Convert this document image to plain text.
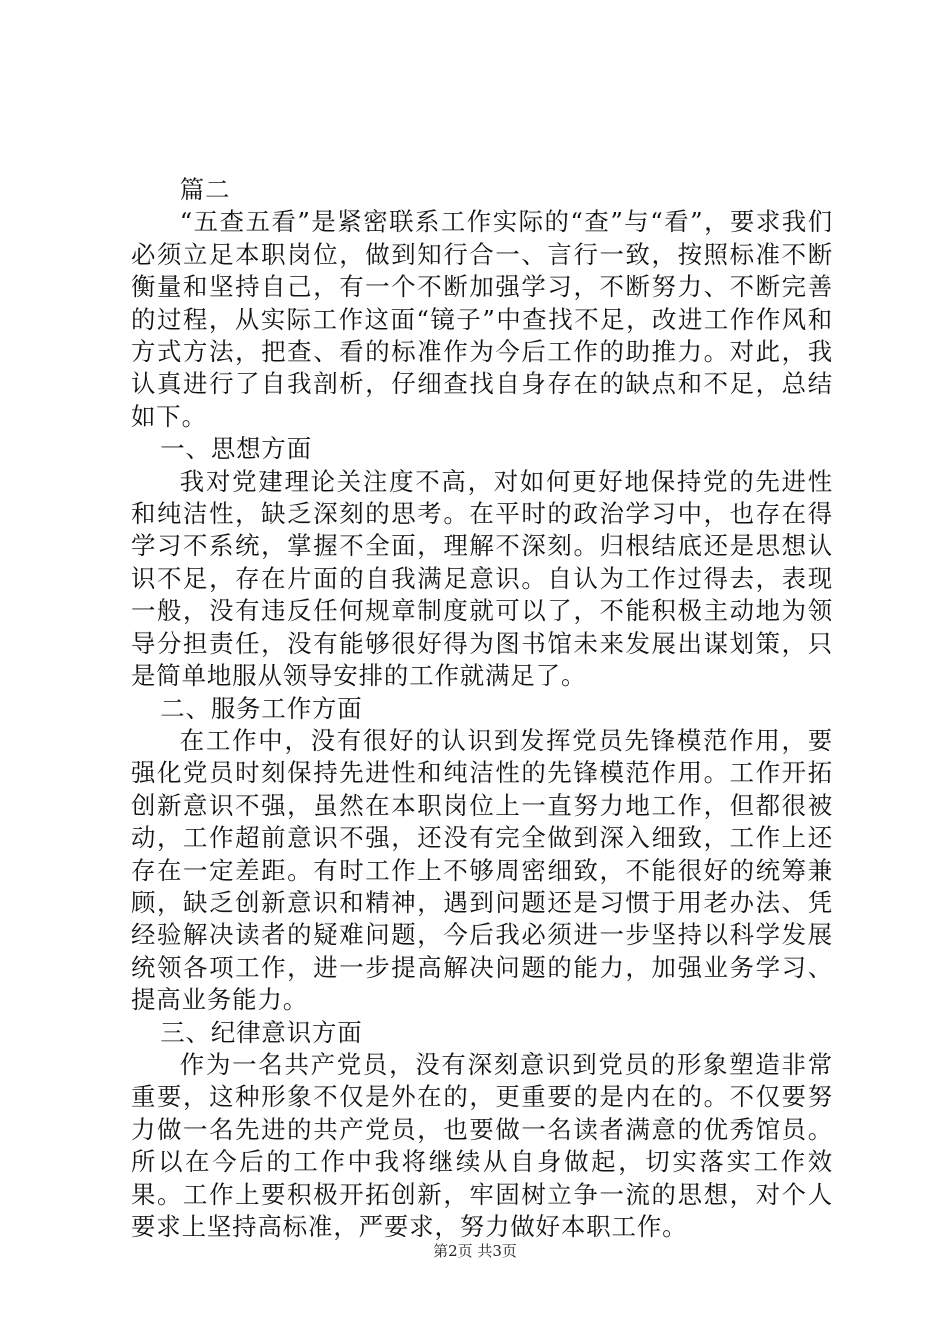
篇二

“五查五看”是紧密联系工作实际的“查”与“看”，要求我们必须立足本职岗位，做到知行合一、言行一致，按照标准不断衡量和坚持自己，有一个不断加强学习，不断努力、不断完善的过程，从实际工作这面“镜子”中查找不足，改进工作作风和方式方法，把查、看的标准作为今后工作的助推力。对此，我认真进行了自我剖析，仔细查找自身存在的缺点和不足，总结如下。

一、思想方面

我对党建理论关注度不高，对如何更好地保持党的先进性和纯洁性，缺乏深刻的思考。在平时的政治学习中，也存在得学习不系统，掌握不全面，理解不深刻。归根结底还是思想认识不足，存在片面的自我满足意识。自认为工作过得去，表现一般，没有违反任何规章制度就可以了，不能积极主动地为领导分担责任，没有能够很好得为图书馆未来发展出谋划策，只是简单地服从领导安排的工作就满足了。

二、服务工作方面

在工作中，没有很好的认识到发挥党员先锋模范作用，要强化党员时刻保持先进性和纯洁性的先锋模范作用。工作开拓创新意识不强，虽然在本职岗位上一直努力地工作，但都很被动，工作超前意识不强，还没有完全做到深入细致，工作上还存在一定差距。有时工作上不够周密细致，不能很好的统筹兼顾，缺乏创新意识和精神，遇到问题还是习惯于用老办法、凭经验解决读者的疑难问题，今后我必须进一步坚持以科学发展统领各项工作，进一步提高解决问题的能力，加强业务学习、提高业务能力。

三、纪律意识方面

作为一名共产党员，没有深刻意识到党员的形象塑造非常重要，这种形象不仅是外在的，更重要的是内在的。不仅要努力做一名先进的共产党员，也要做一名读者满意的优秀馆员。所以在今后的工作中我将继续从自身做起，切实落实工作效果。工作上要积极开拓创新，牢固树立争一流的思想，对个人要求上坚持高标准，严要求，努力做好本职工作。

第2页 共3页
